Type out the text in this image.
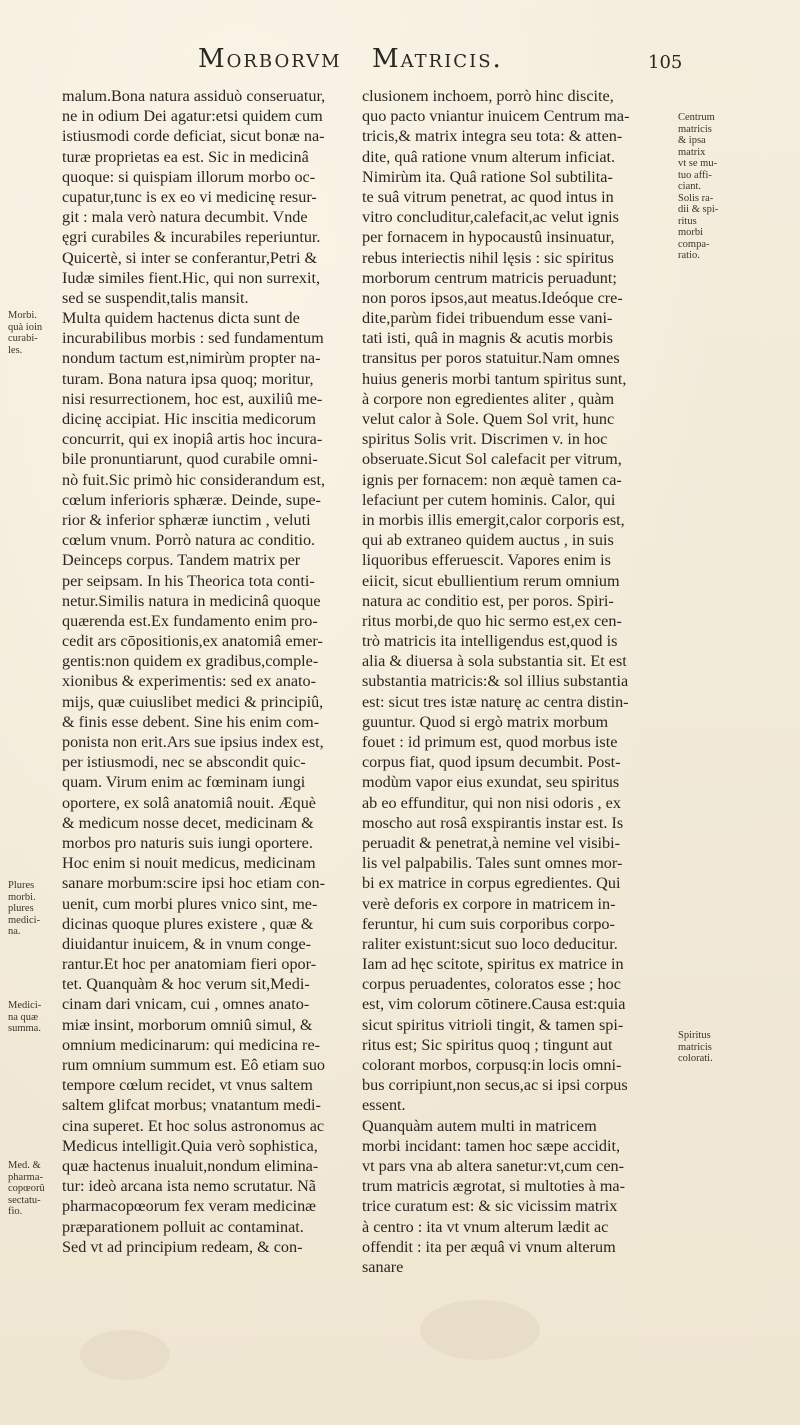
Morborvm Matricis.	105
malum.Bona natura assiduò conseruatur,
ne in odium Dei agatur:etsi quidem cum
istiusmodi corde deficiat, sicut bonæ na-
turæ proprietas ea est. Sic in medicinâ
quoque: si quispiam illorum morbo oc-
cupatur,tunc is ex eo vi medicinę resur-
git : mala verò natura decumbit. Vnde
ęgri curabiles & incurabiles reperiuntur.
Quicertè, si inter se conferantur,Petri &
Iudæ similes fient.Hic, qui non surrexit,
sed se suspendit,talis mansit.
Multa quidem hactenus dicta sunt de
incurabilibus morbis : sed fundamentum
nondum tactum est,nimirùm propter na-
turam. Bona natura ipsa quoq; moritur,
nisi resurrectionem, hoc est, auxiliû me-
dicinę accipiat. Hic inscitia medicorum
concurrit, qui ex inopiâ artis hoc incura-
bile pronuntiarunt, quod curabile omni-
nò fuit.Sic primò hic considerandum est,
cœlum inferioris sphæræ. Deinde, supe-
rior & inferior sphæræ iunctim , veluti
cœlum vnum. Porrò natura ac conditio.
Deinceps corpus. Tandem matrix per
per seipsam. In his Theorica tota conti-
netur.Similis natura in medicinâ quoque
quærenda est.Ex fundamento enim pro-
cedit ars cōpositionis,ex anatomiâ emer-
gentis:non quidem ex gradibus,comple-
xionibus & experimentis: sed ex anato-
mijs, quæ cuiuslibet medici & principiû,
& finis esse debent. Sine his enim com-
ponista non erit.Ars sue ipsius index est,
per istiusmodi, nec se abscondit quic-
quam. Virum enim ac fœminam iungi
oportere, ex solâ anatomiâ nouit. Æquè
& medicum nosse decet, medicinam &
morbos pro naturis suis iungi oportere.
Hoc enim si nouit medicus, medicinam
sanare morbum:scire ipsi hoc etiam con-
uenit, cum morbi plures vnico sint, me-
dicinas quoque plures existere , quæ &
diuidantur inuicem, & in vnum conge-
rantur.Et hoc per anatomiam fieri opor-
tet. Quanquàm & hoc verum sit,Medi-
cinam dari vnicam, cui , omnes anato-
miæ insint, morborum omniû simul, &
omnium medicinarum: qui medicina re-
rum omnium summum est. Eô etiam suo
tempore cœlum recidet, vt vnus saltem
saltem glifcat morbus; vnatantum medi-
cina superet. Et hoc solus astronomus ac
Medicus intelligit.Quia verò sophistica,
quæ hactenus inualuit,nondum elimina-
tur: ideò arcana ista nemo scrutatur. Nã
pharmacopœorum fex veram medicinæ
præparationem polluit ac contaminat.
Sed vt ad principium redeam, & con-
clusionem inchoem, porrò hinc discite,
quo pacto vniantur inuicem Centrum ma-
tricis,& matrix integra seu tota: & atten-
dite, quâ ratione vnum alterum inficiat.
Nimirùm ita. Quâ ratione Sol subtilita-
te suâ vitrum penetrat, ac quod intus in
vitro concluditur,calefacit,ac velut ignis
per fornacem in hypocaustû insinuatur,
rebus interiectis nihil lęsis : sic spiritus
morborum centrum matricis peruadunt;
non poros ipsos,aut meatus.Ideóque cre-
dite,parùm fidei tribuendum esse vani-
tati isti, quâ in magnis & acutis morbis
transitus per poros statuitur.Nam omnes
huius generis morbi tantum spiritus sunt,
à corpore non egredientes aliter , quàm
velut calor à Sole. Quem Sol vrit, hunc
spiritus Solis vrit. Discrimen v. in hoc
obseruate.Sicut Sol calefacit per vitrum,
ignis per fornacem: non æquè tamen ca-
lefaciunt per cutem hominis. Calor, qui
in morbis illis emergit,calor corporis est,
qui ab extraneo quidem auctus , in suis
liquoribus efferuescit. Vapores enim is
eiicit, sicut ebullientium rerum omnium
natura ac conditio est, per poros. Spiri-
ritus morbi,de quo hic sermo est,ex cen-
trò matricis ita intelligendus est,quod is
alia & diuersa à sola substantia sit. Et est
substantia matricis:& sol illius substantia
est: sicut tres istæ naturę ac centra distin-
guuntur. Quod si ergò matrix morbum
fouet : id primum est, quod morbus iste
corpus fiat, quod ipsum decumbit. Post-
modùm vapor eius exundat, seu spiritus
ab eo effunditur, qui non nisi odoris , ex
moscho aut rosâ exspirantis instar est. Is
peruadit & penetrat,à nemine vel visibi-
lis vel palpabilis. Tales sunt omnes mor-
bi ex matrice in corpus egredientes. Qui
verè deforis ex corpore in matricem in-
feruntur, hi cum suis corporibus corpo-
raliter existunt:sicut suo loco deducitur.
Iam ad hęc scitote, spiritus ex matrice in
corpus peruadentes, coloratos esse ; hoc
est, vim colorum cōtinere.Causa est:quia
sicut spiritus vitrioli tingit, & tamen spi-
ritus est; Sic spiritus quoq ; tingunt aut
colorant morbos, corpusq:in locis omni-
bus corripiunt,non secus,ac si ipsi corpus
essent.
Quanquàm autem multi in matricem
morbi incidant: tamen hoc sæpe accidit,
vt pars vna ab altera sanetur:vt,cum cen-
trum matricis ægrotat, si multoties à ma-
trice curatum est: & sic vicissim matrix
à centro : ita vt vnum alterum lædit ac
offendit : ita per æquâ vi vnum alterum
sanare
Morbi.
quà ioin
curabi-
les.
Plures
morbi.
plures
medici-
na.
Medici-
na quæ
summa.
Med. &
pharma-
copœorû
sectatu-
fio.
Centrum
matricis
& ipsa
matrix
vt se mu-
tuo affi-
ciant.
Solis ra-
dii & spi-
ritus
morbi
compa-
ratio.
Spiritus
matricis
colorati.
